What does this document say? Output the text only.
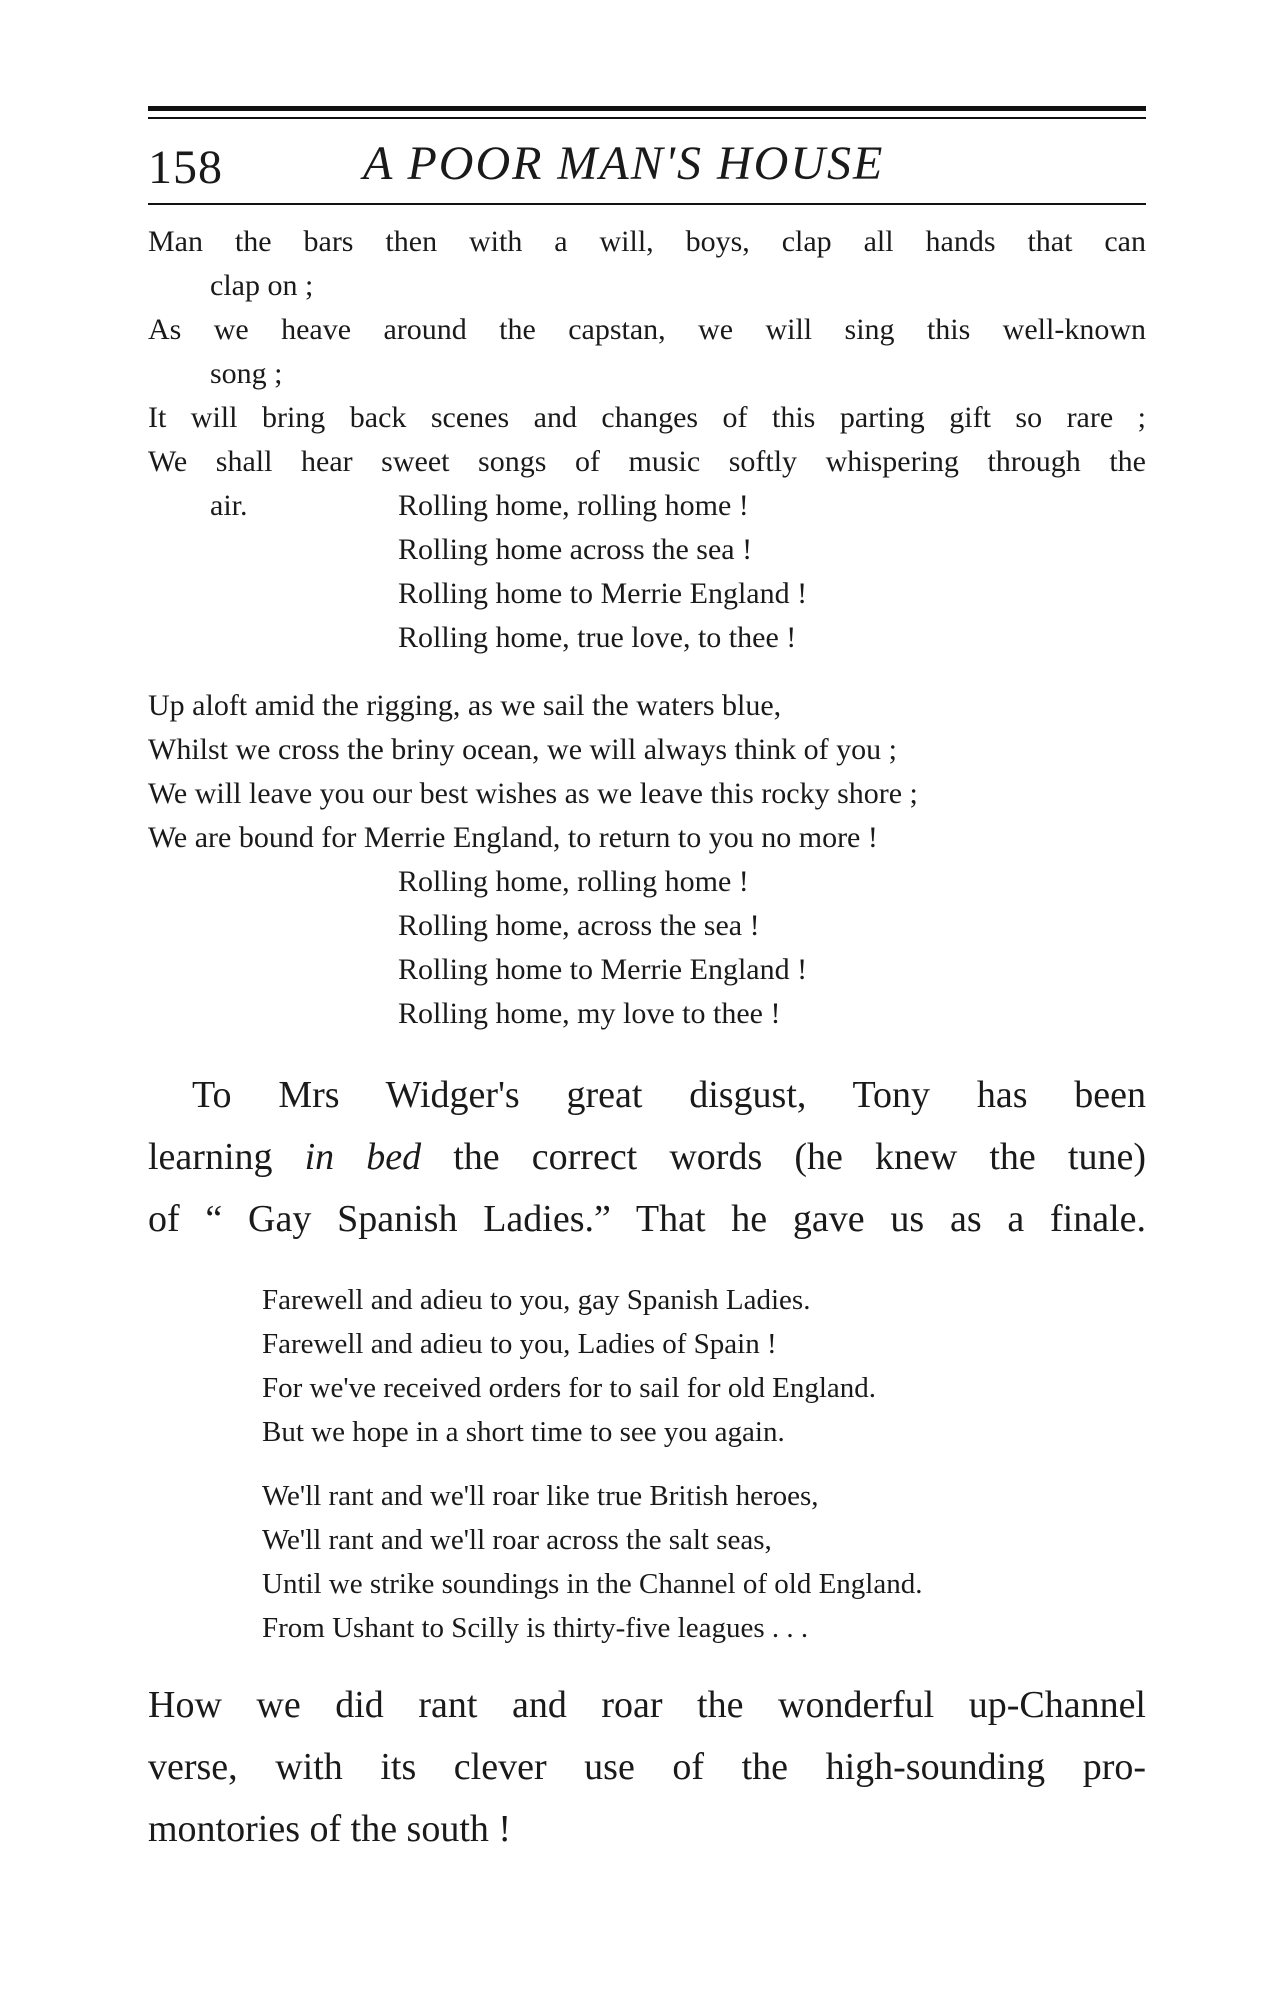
158	A POOR MAN'S HOUSE
Man the bars then with a will, boys, clap all hands that can
clap on ;
As we heave around the capstan, we will sing this well-known
song ;
It will bring back scenes and changes of this parting gift so rare ;
We shall hear sweet songs of music softly whispering through the
air.	Rolling home, rolling home !
Rolling home across the sea !
Rolling home to Merrie England !
Rolling home, true love, to thee !
Up aloft amid the rigging, as we sail the waters blue,
Whilst we cross the briny ocean, we will always think of you ;
We will leave you our best wishes as we leave this rocky shore ;
We are bound for Merrie England, to return to you no more !
Rolling home, rolling home !
Rolling home, across the sea !
Rolling home to Merrie England !
Rolling home, my love to thee !
To Mrs Widger's great disgust, Tony has been
learning in bed the correct words (he knew the tune)
of “ Gay Spanish Ladies.” That he gave us as a finale.
Farewell and adieu to you, gay Spanish Ladies.
Farewell and adieu to you, Ladies of Spain !
For we've received orders for to sail for old England.
But we hope in a short time to see you again.
We'll rant and we'll roar like true British heroes,
We'll rant and we'll roar across the salt seas,
Until we strike soundings in the Channel of old England.
From Ushant to Scilly is thirty-five leagues . . .
How we did rant and roar the wonderful up-Channel
verse, with its clever use of the high-sounding pro-
montories of the south !
